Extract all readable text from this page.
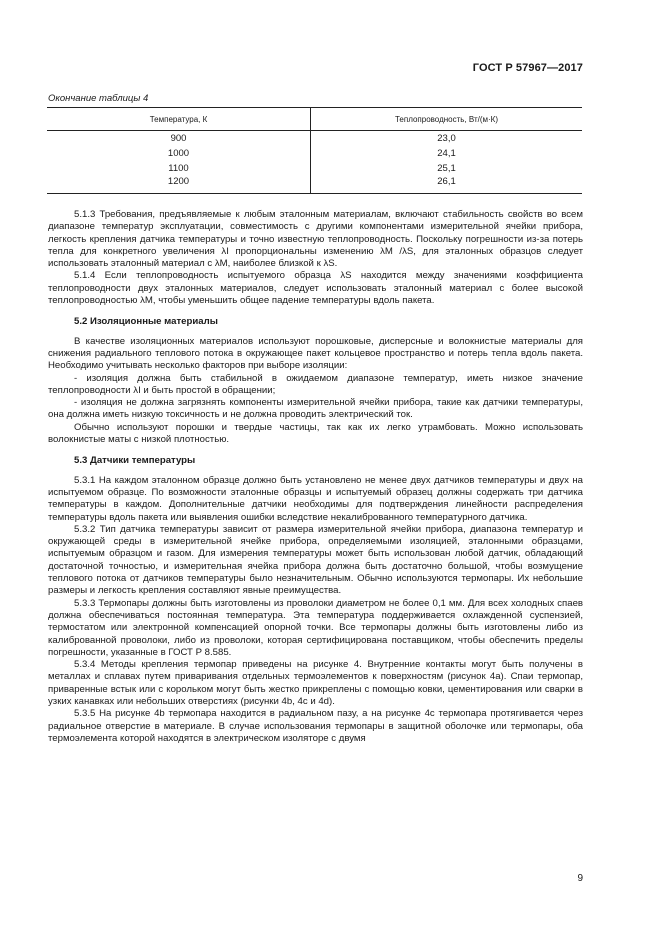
ГОСТ Р 57967—2017
Окончание таблицы 4
Температура, К	Теплопроводность, Вт/(м·К)
900	23,0
1000	24,1
1100	25,1
1200	26,1

5.1.3 Требования, предъявляемые к любым эталонным материалам, включают стабильность свойств во всем диапазоне температур эксплуатации, совместимость с другими компонентами измерительной ячейки прибора, легкость крепления датчика температуры и точно известную теплопроводность. Поскольку погрешности из-за потерь тепла для конкретного увеличения λI пропорциональны изменению λM /λS, для эталонных образцов следует использовать эталонный материал с λM, наиболее близкой к λS.

5.1.4 Если теплопроводность испытуемого образца λS находится между значениями коэффициента теплопроводности двух эталонных материалов, следует использовать эталонный материал с более высокой теплопроводностью λM, чтобы уменьшить общее падение температуры вдоль пакета.

5.2 Изоляционные материалы

В качестве изоляционных материалов используют порошковые, дисперсные и волокнистые материалы для снижения радиального теплового потока в окружающее пакет кольцевое пространство и потерь тепла вдоль пакета. Необходимо учитывать несколько факторов при выборе изоляции:

- изоляция должна быть стабильной в ожидаемом диапазоне температур, иметь низкое значение теплопроводности λI и быть простой в обращении;

- изоляция не должна загрязнять компоненты измерительной ячейки прибора, такие как датчики температуры, она должна иметь низкую токсичность и не должна проводить электрический ток.

Обычно используют порошки и твердые частицы, так как их легко утрамбовать. Можно использовать волокнистые маты с низкой плотностью.

5.3 Датчики температуры

5.3.1 На каждом эталонном образце должно быть установлено не менее двух датчиков температуры и двух на испытуемом образце. По возможности эталонные образцы и испытуемый образец должны содержать три датчика температуры в каждом. Дополнительные датчики необходимы для подтверждения линейности распределения температуры вдоль пакета или выявления ошибки вследствие некалиброванного температурного датчика.

5.3.2 Тип датчика температуры зависит от размера измерительной ячейки прибора, диапазона температур и окружающей среды в измерительной ячейке прибора, определяемыми изоляцией, эталонными образцами, испытуемым образцом и газом. Для измерения температуры может быть использован любой датчик, обладающий достаточной точностью, и измерительная ячейка прибора должна быть достаточно большой, чтобы возмущение теплового потока от датчиков температуры было незначительным. Обычно используются термопары. Их небольшие размеры и легкость крепления составляют явные преимущества.

5.3.3 Термопары должны быть изготовлены из проволоки диаметром не более 0,1 мм. Для всех холодных спаев должна обеспечиваться постоянная температура. Эта температура поддерживается охлажденной суспензией, термостатом или электронной компенсацией опорной точки. Все термопары должны быть изготовлены либо из калиброванной проволоки, либо из проволоки, которая сертифицирована поставщиком, чтобы обеспечить пределы погрешности, указанные в ГОСТ Р 8.585.

5.3.4 Методы крепления термопар приведены на рисунке 4. Внутренние контакты могут быть получены в металлах и сплавах путем приваривания отдельных термоэлементов к поверхностям (рисунок 4a). Спаи термопар, приваренные встык или с корольком могут быть жестко прикреплены с помощью ковки, цементирования или сварки в узких канавках или небольших отверстиях (рисунки 4b, 4c и 4d).

5.3.5 На рисунке 4b термопара находится в радиальном пазу, а на рисунке 4c термопара протягивается через радиальное отверстие в материале. В случае использования термопары в защитной оболочке или термопары, оба термоэлемента которой находятся в электрическом изоляторе с двумя

9
